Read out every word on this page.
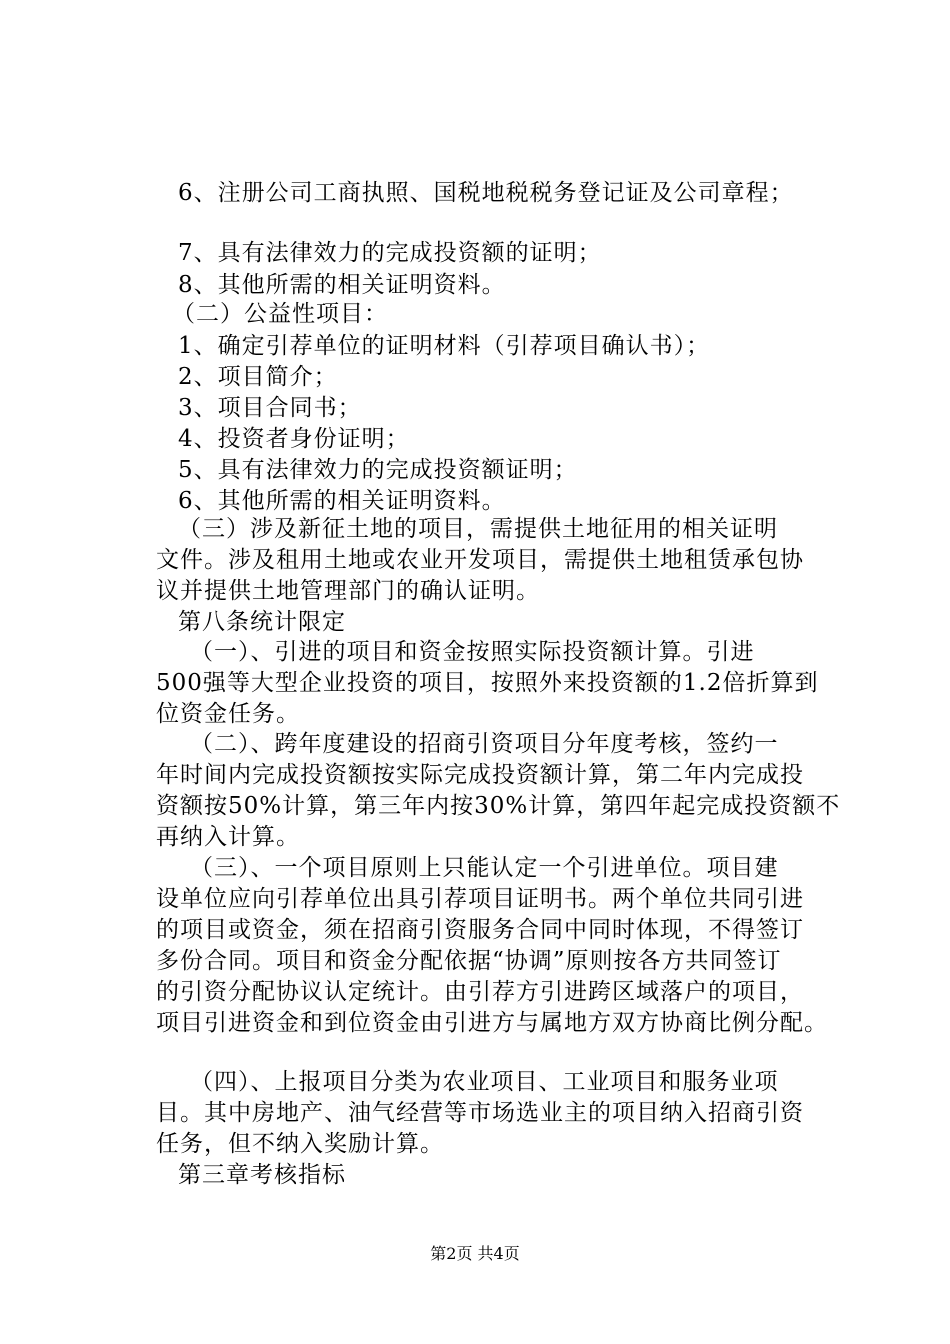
6、注册公司工商执照、国税地税税务登记证及公司章程；
7、具有法律效力的完成投资额的证明；
8、其他所需的相关证明资料。
（二）公益性项目：
1、确定引荐单位的证明材料（引荐项目确认书）；
2、项目简介；
3、项目合同书；
4、投资者身份证明；
5、具有法律效力的完成投资额证明；
6、其他所需的相关证明资料。
（三）涉及新征土地的项目，需提供土地征用的相关证明
文件。涉及租用土地或农业开发项目，需提供土地租赁承包协
议并提供土地管理部门的确认证明。
第八条统计限定
（一）、引进的项目和资金按照实际投资额计算。引进
500强等大型企业投资的项目，按照外来投资额的1.2倍折算到
位资金任务。
（二）、跨年度建设的招商引资项目分年度考核，签约一
年时间内完成投资额按实际完成投资额计算，第二年内完成投
资额按50%计算，第三年内按30%计算，第四年起完成投资额不
再纳入计算。
（三）、一个项目原则上只能认定一个引进单位。项目建
设单位应向引荐单位出具引荐项目证明书。两个单位共同引进
的项目或资金，须在招商引资服务合同中同时体现，不得签订
多份合同。项目和资金分配依据“协调”原则按各方共同签订
的引资分配协议认定统计。由引荐方引进跨区域落户的项目，
项目引进资金和到位资金由引进方与属地方双方协商比例分配。
（四）、上报项目分类为农业项目、工业项目和服务业项
目。其中房地产、油气经营等市场选业主的项目纳入招商引资
任务，但不纳入奖励计算。
第三章考核指标
第2页 共4页
